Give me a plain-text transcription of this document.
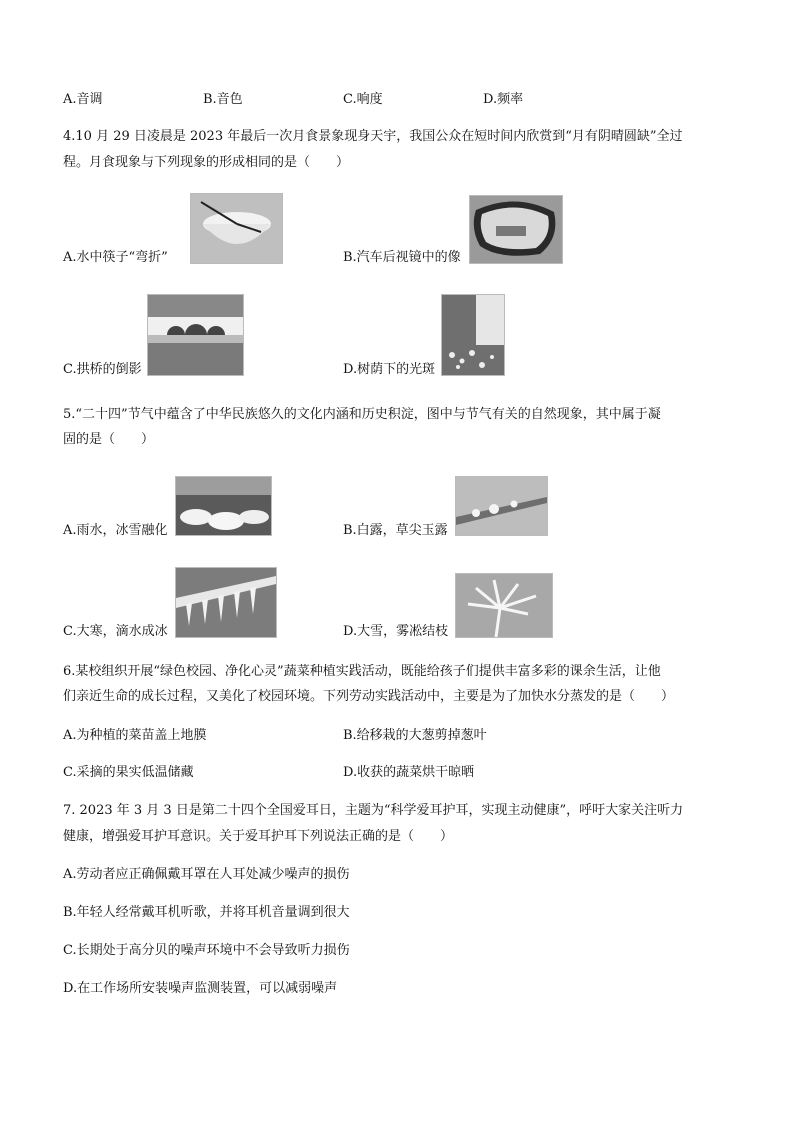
A.音调	B.音色	C.响度	D.频率
4.10 月 29 日凌晨是 2023 年最后一次月食景象现身天宇，我国公众在短时间内欣赏到“月有阴晴圆缺”全过
程。月食现象与下列现象的形成相同的是（　　）
A.水中筷子“弯折”	B.汽车后视镜中的像
C.拱桥的倒影	D.树荫下的光斑
5.“二十四”节气中蕴含了中华民族悠久的文化内涵和历史积淀，图中与节气有关的自然现象，其中属于凝
固的是（　　）
A.雨水，冰雪融化	B.白露，草尖玉露
C.大寒，滴水成冰	D.大雪，雾凇结枝
6.某校组织开展“绿色校园、净化心灵”蔬菜种植实践活动，既能给孩子们提供丰富多彩的课余生活，让他
们亲近生命的成长过程，又美化了校园环境。下列劳动实践活动中，主要是为了加快水分蒸发的是（　　）
A.为种植的菜苗盖上地膜	B.给移栽的大葱剪掉葱叶
C.采摘的果实低温储藏	D.收获的蔬菜烘干晾晒
7. 2023 年 3 月 3 日是第二十四个全国爱耳日，主题为“科学爱耳护耳，实现主动健康”，呼吁大家关注听力
健康，增强爱耳护耳意识。关于爱耳护耳下列说法正确的是（　　）
A.劳动者应正确佩戴耳罩在人耳处减少噪声的损伤
B.年轻人经常戴耳机听歌，并将耳机音量调到很大
C.长期处于高分贝的噪声环境中不会导致听力损伤
D.在工作场所安装噪声监测装置，可以减弱噪声
